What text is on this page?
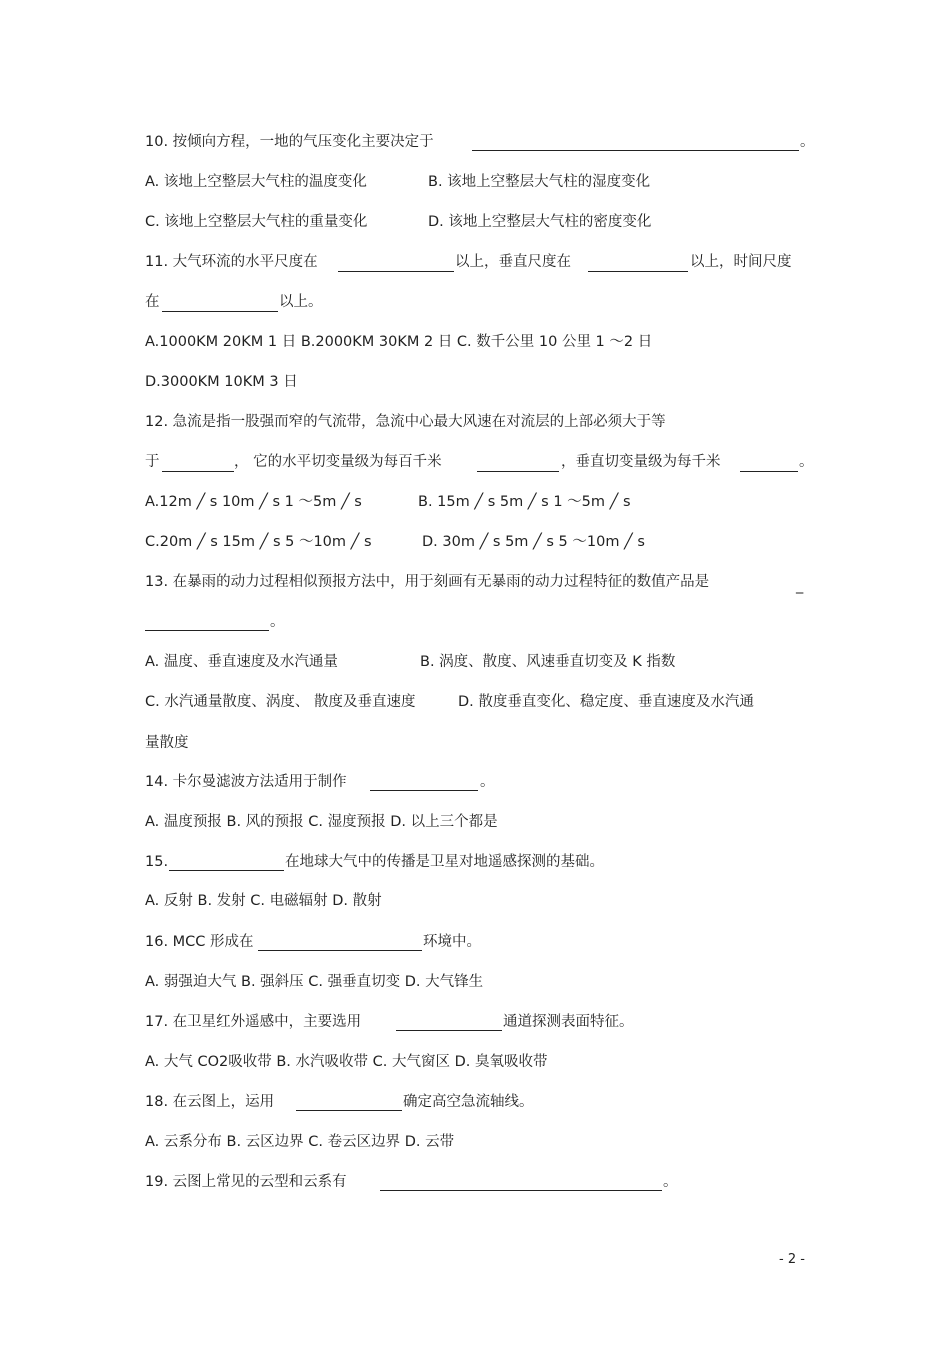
10. 按倾向方程，一地的气压变化主要决定于	。
A. 该地上空整层大气柱的温度变化	B. 该地上空整层大气柱的湿度变化
C. 该地上空整层大气柱的重量变化	D. 该地上空整层大气柱的密度变化
11. 大气环流的水平尺度在	以上，垂直尺度在	以上，时间尺度
在	以上。
A.1000KM 20KM 1 日 B.2000KM 30KM 2 日 C. 数千公里 10 公里 1 ～2 日
D.3000KM 10KM 3 日
12. 急流是指一股强而窄的气流带，急流中心最大风速在对流层的上部必须大于等
于	， 它的水平切变量级为每百千米	，垂直切变量级为每千米	。
A.12m ╱ s 10m ╱ s 1 ～5m ╱ s	B. 15m ╱ s 5m ╱ s 1 ～5m ╱ s
C.20m ╱ s 15m ╱ s 5 ～10m ╱ s	D. 30m ╱ s 5m ╱ s 5 ～10m ╱ s
13. 在暴雨的动力过程相似预报方法中，用于刻画有无暴雨的动力过程特征的数值产品是	_
。
A. 温度、垂直速度及水汽通量	B. 涡度、散度、风速垂直切变及 K 指数
C. 水汽通量散度、涡度、 散度及垂直速度	D. 散度垂直变化、稳定度、垂直速度及水汽通
量散度
14. 卡尔曼滤波方法适用于制作	。
A. 温度预报 B. 风的预报 C. 湿度预报 D. 以上三个都是
15.	在地球大气中的传播是卫星对地遥感探测的基础。
A. 反射 B. 发射 C. 电磁辐射 D. 散射
16. MCC 形成在	环境中。
A. 弱强迫大气 B. 强斜压 C. 强垂直切变 D. 大气锋生
17. 在卫星红外遥感中，主要选用	通道探测表面特征。
A. 大气 CO2吸收带 B. 水汽吸收带 C. 大气窗区 D. 臭氧吸收带
18. 在云图上，运用	确定高空急流轴线。
A. 云系分布 B. 云区边界 C. 卷云区边界 D. 云带
19. 云图上常见的云型和云系有	。
- 2 -
